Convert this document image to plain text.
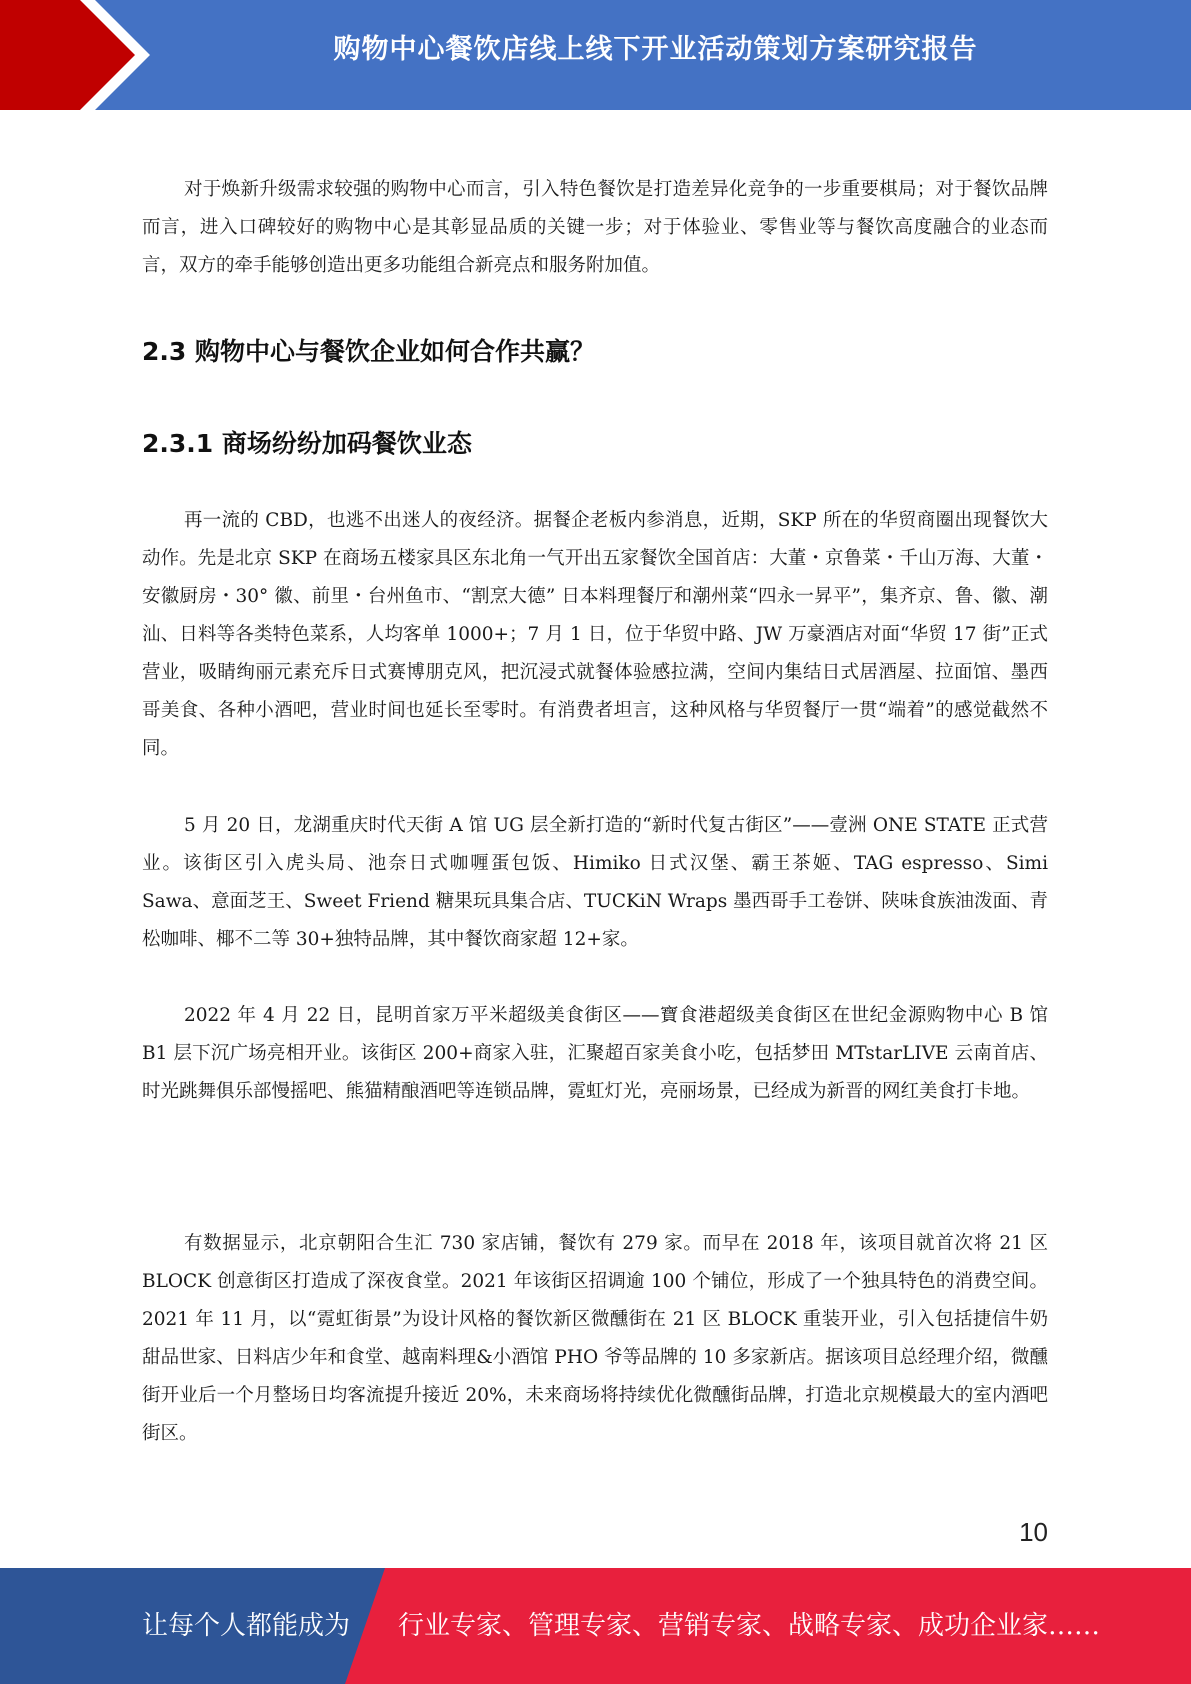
购物中心餐饮店线上线下开业活动策划方案研究报告

对于焕新升级需求较强的购物中心而言，引入特色餐饮是打造差异化竞争的一步重要棋局；对于餐饮品牌而言，进入口碑较好的购物中心是其彰显品质的关键一步；对于体验业、零售业等与餐饮高度融合的业态而言，双方的牵手能够创造出更多功能组合新亮点和服务附加值。

2.3 购物中心与餐饮企业如何合作共赢？
2.3.1 商场纷纷加码餐饮业态

再一流的 CBD，也逃不出迷人的夜经济。据餐企老板内参消息，近期，SKP 所在的华贸商圈出现餐饮大动作。先是北京 SKP 在商场五楼家具区东北角一气开出五家餐饮全国首店：大董・京鲁菜・千山万海、大董・安徽厨房・30° 徽、前里・台州鱼市、“割烹大德” 日本料理餐厅和潮州菜“四永一昇平”，集齐京、鲁、徽、潮汕、日料等各类特色菜系，人均客单 1000+；7 月 1 日，位于华贸中路、JW 万豪酒店对面“华贸 17 街”正式营业，吸睛绚丽元素充斥日式赛博朋克风，把沉浸式就餐体验感拉满，空间内集结日式居酒屋、拉面馆、墨西哥美食、各种小酒吧，营业时间也延长至零时。有消费者坦言，这种风格与华贸餐厅一贯“端着”的感觉截然不同。

5 月 20 日，龙湖重庆时代天街 A 馆 UG 层全新打造的“新时代复古街区”——壹洲 ONE STATE 正式营业。该街区引入虎头局、池奈日式咖喱蛋包饭、Himiko 日式汉堡、霸王茶姬、TAG espresso、Simi Sawa、意面芝王、Sweet Friend 糖果玩具集合店、TUCKiN Wraps 墨西哥手工卷饼、陕味食族油泼面、青松咖啡、椰不二等 30+独特品牌，其中餐饮商家超 12+家。

2022 年 4 月 22 日，昆明首家万平米超级美食街区——寶食港超级美食街区在世纪金源购物中心 B 馆 B1 层下沉广场亮相开业。该街区 200+商家入驻，汇聚超百家美食小吃，包括梦田 MTstarLIVE 云南首店、时光跳舞俱乐部慢摇吧、熊猫精酿酒吧等连锁品牌，霓虹灯光，亮丽场景，已经成为新晋的网红美食打卡地。

有数据显示，北京朝阳合生汇 730 家店铺，餐饮有 279 家。而早在 2018 年，该项目就首次将 21 区 BLOCK 创意街区打造成了深夜食堂。2021 年该街区招调逾 100 个铺位，形成了一个独具特色的消费空间。2021 年 11 月，以“霓虹街景”为设计风格的餐饮新区微醺街在 21 区 BLOCK 重装开业，引入包括捷信牛奶甜品世家、日料店少年和食堂、越南料理&小酒馆 PHO 爷等品牌的 10 多家新店。据该项目总经理介绍，微醺街开业后一个月整场日均客流提升接近 20%，未来商场将持续优化微醺街品牌，打造北京规模最大的室内酒吧街区。

10
让每个人都能成为 行业专家、管理专家、营销专家、战略专家、成功企业家……
